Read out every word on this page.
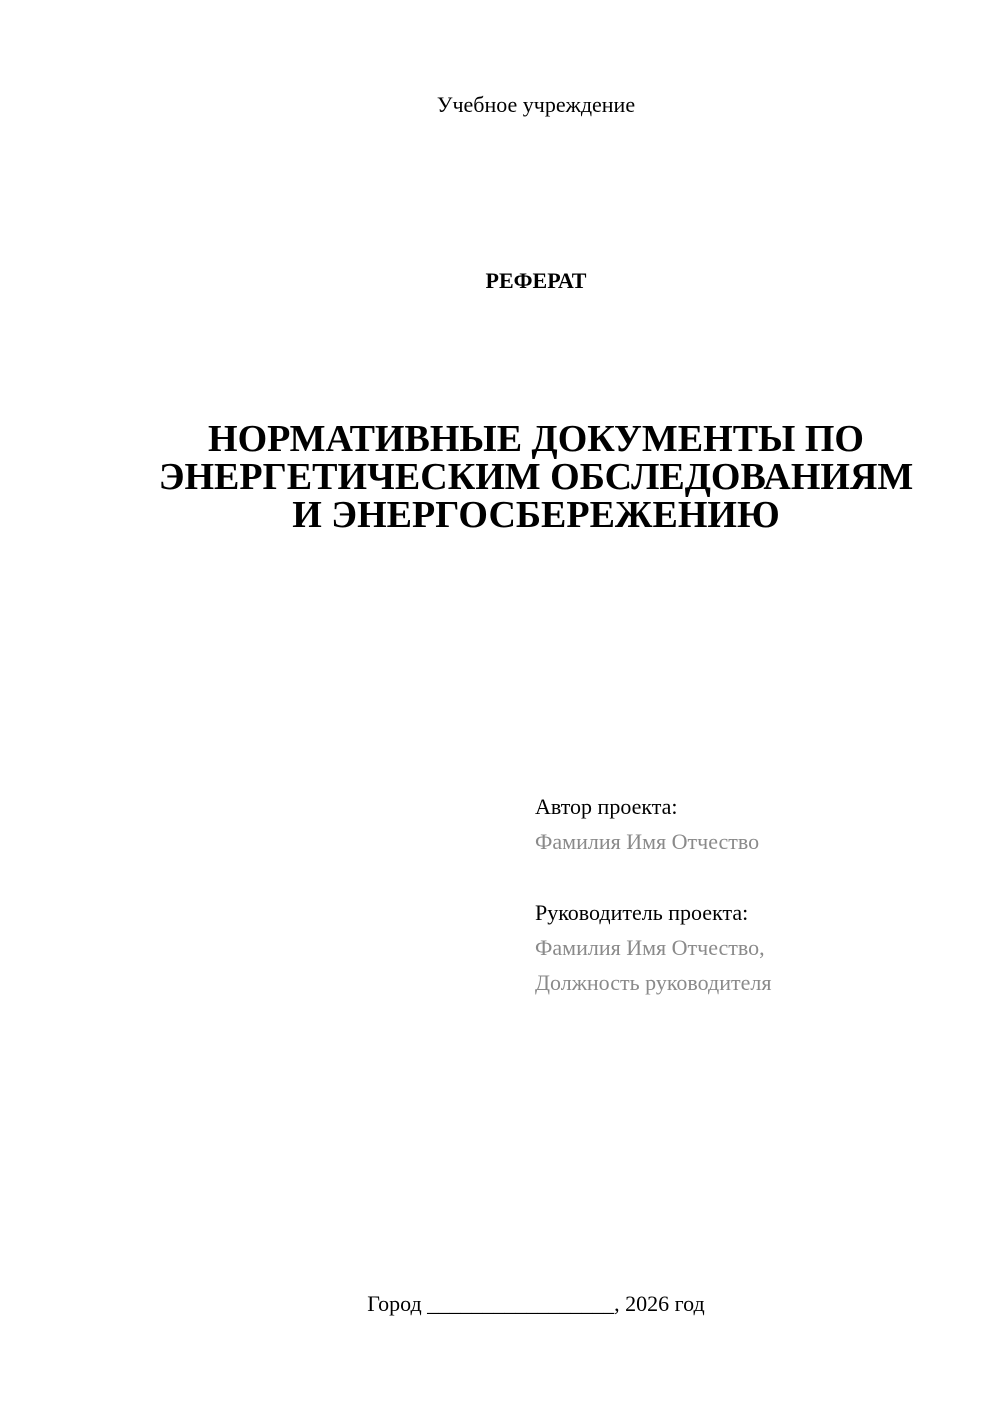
Учебное учреждение
РЕФЕРАТ
НОРМАТИВНЫЕ ДОКУМЕНТЫ ПО
ЭНЕРГЕТИЧЕСКИМ ОБСЛЕДОВАНИЯМ
И ЭНЕРГОСБЕРЕЖЕНИЮ
Автор проекта:
Фамилия Имя Отчество
Руководитель проекта:
Фамилия Имя Отчество,
Должность руководителя
Город _________________, 2026 год
